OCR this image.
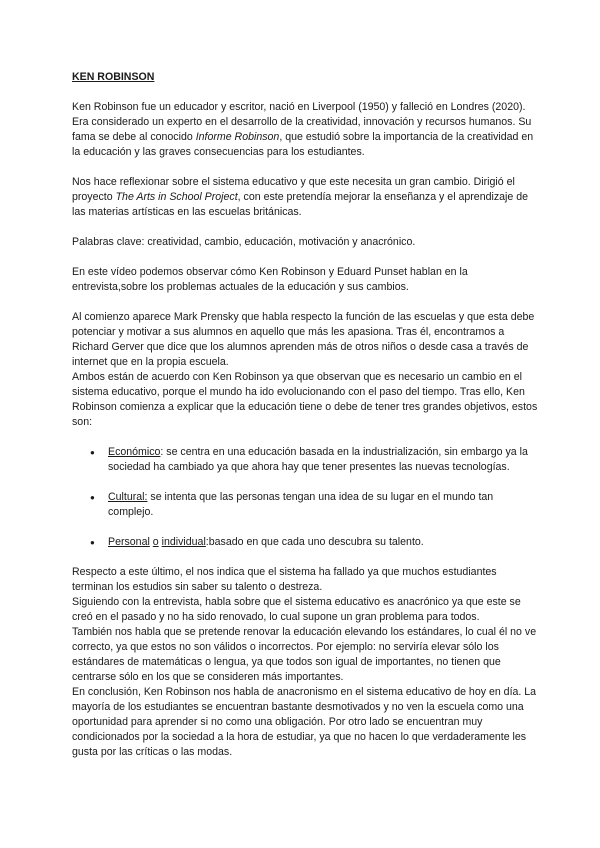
KEN ROBINSON

Ken Robinson fue un educador y escritor, nació en Liverpool (1950) y falleció en Londres (2020). Era considerado un experto en el desarrollo de la creatividad, innovación y recursos humanos. Su fama se debe al conocido Informe Robinson, que estudió sobre la importancia de la creatividad en la educación y las graves consecuencias para los estudiantes.

Nos hace reflexionar sobre el sistema educativo y que este necesita un gran cambio. Dirigió el proyecto The Arts in School Project, con este pretendía mejorar la enseñanza y el aprendizaje de las materias artísticas en las escuelas británicas.

Palabras clave: creatividad, cambio, educación, motivación y anacrónico.

En este vídeo podemos observar cómo Ken Robinson y Eduard Punset hablan en la entrevista,sobre los problemas actuales de la educación y sus cambios.

Al comienzo aparece Mark Prensky que habla respecto la función de las escuelas y que esta debe potenciar y motivar a sus alumnos en aquello que más les apasiona. Tras él, encontramos a Richard Gerver que dice que los alumnos aprenden más de otros niños o desde casa a través de internet que en la propia escuela.

Ambos están de acuerdo con Ken Robinson ya que observan que es necesario un cambio en el sistema educativo, porque el mundo ha ido evolucionando con el paso del tiempo. Tras ello, Ken Robinson comienza a explicar que la educación tiene o debe de tener tres grandes objetivos, estos son:

● Económico: se centra en una educación basada en la industrialización, sin embargo ya la sociedad ha cambiado ya que ahora hay que tener presentes las nuevas tecnologías.
● Cultural: se intenta que las personas tengan una idea de su lugar en el mundo tan complejo.
● Personal o individual:basado en que cada uno descubra su talento.

Respecto a este último, el nos indica que el sistema ha fallado ya que muchos estudiantes terminan los estudios sin saber su talento o destreza.

Siguiendo con la entrevista, habla sobre que el sistema educativo es anacrónico ya que este se creó en el pasado y no ha sido renovado, lo cual supone un gran problema para todos.

También nos habla que se pretende renovar la educación elevando los estándares, lo cual él no ve correcto, ya que estos no son válidos o incorrectos. Por ejemplo: no serviría elevar sólo los estándares de matemáticas o lengua, ya que todos son igual de importantes, no tienen que centrarse sólo en los que se consideren más importantes.

En conclusión, Ken Robinson nos habla de anacronismo en el sistema educativo de hoy en día. La mayoría de los estudiantes se encuentran bastante desmotivados y no ven la escuela como una oportunidad para aprender si no como una obligación. Por otro lado se encuentran muy condicionados por la sociedad a la hora de estudiar, ya que no hacen lo que verdaderamente les gusta por las críticas o las modas.
